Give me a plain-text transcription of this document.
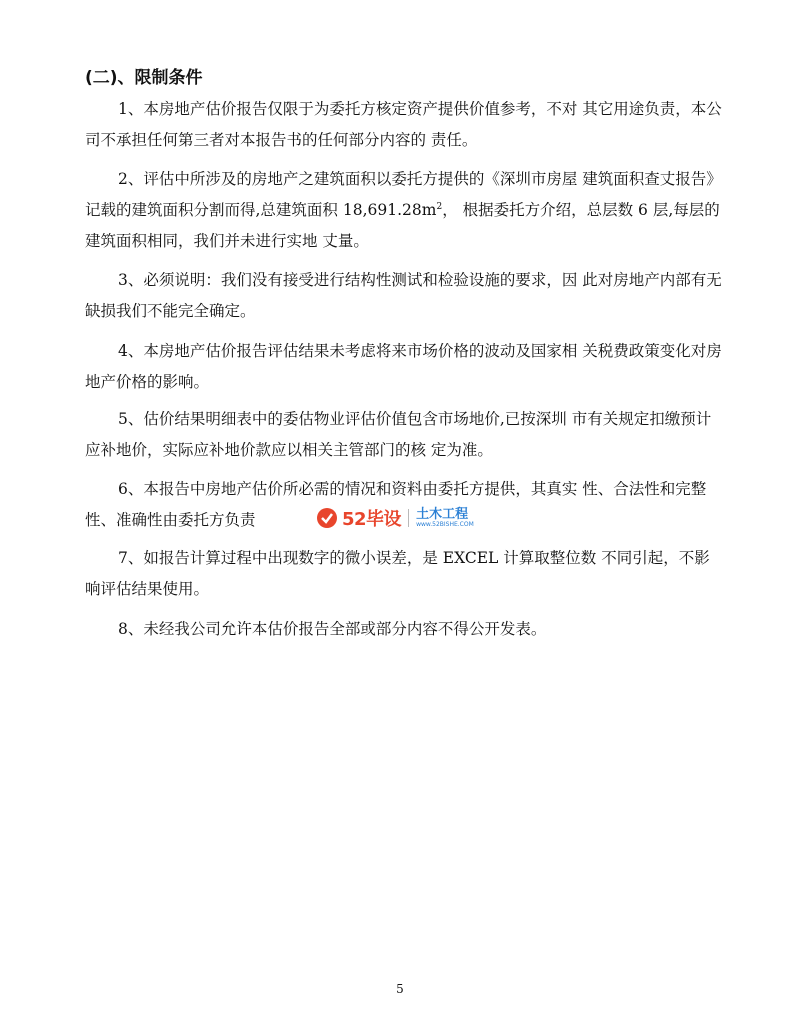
(二)、限制条件

1、本房地产估价报告仅限于为委托方核定资产提供价值参考，不对 其它用途负责，本公司不承担任何第三者对本报告书的任何部分内容的 责任。

2、评估中所涉及的房地产之建筑面积以委托方提供的《深圳市房屋 建筑面积查丈报告》记载的建筑面积分割而得,总建筑面积 $18,691.28m^2$， 根据委托方介绍，总层数 6 层,每层的建筑面积相同，我们并未进行实地 丈量。

3、必须说明：我们没有接受进行结构性测试和检验设施的要求，因 此对房地产内部有无缺损我们不能完全确定。

4、本房地产估价报告评估结果未考虑将来市场价格的波动及国家相 关税费政策变化对房地产价格的影响。

5、估价结果明细表中的委估物业评估价值包含市场地价,已按深圳 市有关规定扣缴预计应补地价，实际应补地价款应以相关主管部门的核 定为准。

6、本报告中房地产估价所必需的情况和资料由委托方提供，其真实 性、合法性和完整性、准确性由委托方负责

7、如报告计算过程中出现数字的微小误差，是 EXCEL 计算取整位数 不同引起，不影响评估结果使用。

8、未经我公司允许本估价报告全部或部分内容不得公开发表。

52毕设 土木工程
www.52BISHE.COM
5
